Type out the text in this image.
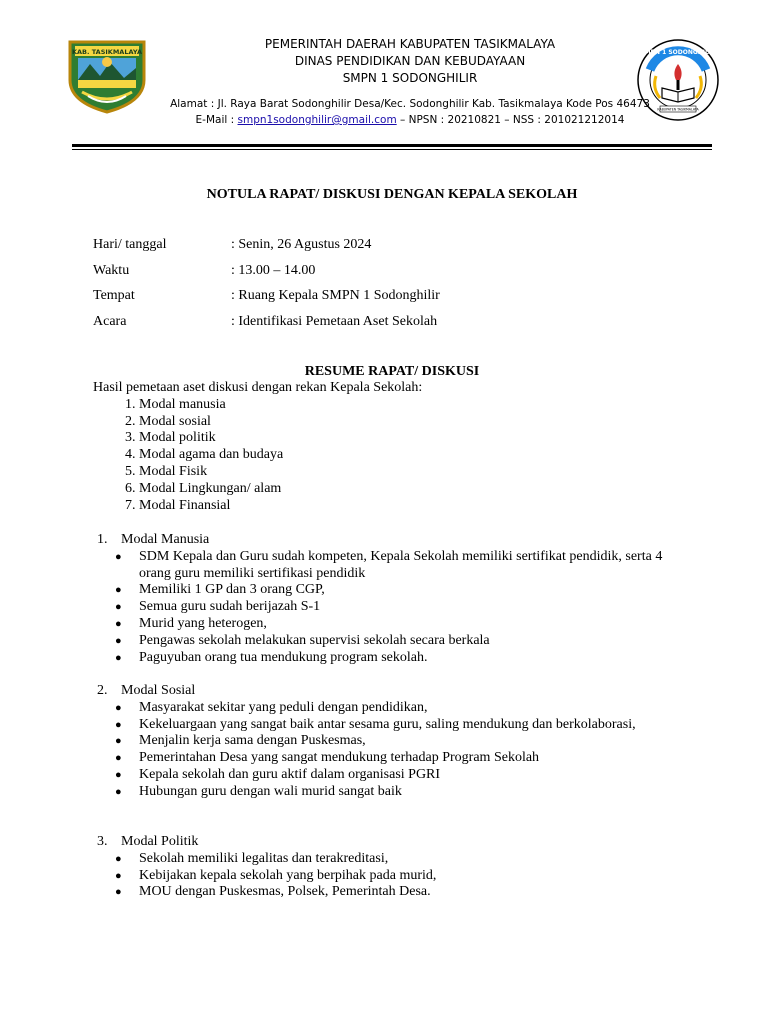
KAB. TASIKMALAYA	SMPN 1 SODONGHILIR
KABUPATEN TASIKMALAYA
PEMERINTAH DAERAH KABUPATEN TASIKMALAYA
DINAS PENDIDIKAN DAN KEBUDAYAAN
SMPN 1 SODONGHILIR
Alamat : Jl. Raya Barat Sodonghilir Desa/Kec. Sodonghilir Kab. Tasikmalaya Kode Pos 46473
E-Mail : smpn1sodonghilir@gmail.com – NPSN : 20210821 – NSS : 201021212014
NOTULA RAPAT/ DISKUSI DENGAN KEPALA SEKOLAH
Hari/ tanggal	: Senin, 26 Agustus 2024
Waktu	: 13.00 – 14.00
Tempat	: Ruang Kepala SMPN 1 Sodonghilir
Acara	: Identifikasi Pemetaan Aset Sekolah
RESUME RAPAT/ DISKUSI
Hasil pemetaan aset diskusi dengan rekan Kepala Sekolah:
1. Modal manusia
2. Modal sosial
3. Modal politik
4. Modal agama dan budaya
5. Modal Fisik
6. Modal Lingkungan/ alam
7. Modal Finansial
1. Modal Manusia
●	SDM Kepala dan Guru sudah kompeten, Kepala Sekolah memiliki sertifikat pendidik, serta 4 orang guru memiliki sertifikasi pendidik
●	Memiliki 1 GP dan 3 orang CGP,
●	Semua guru sudah berijazah S-1
●	Murid yang heterogen,
●	Pengawas sekolah melakukan supervisi sekolah secara berkala
●	Paguyuban orang tua mendukung program sekolah.
2. Modal Sosial
●	Masyarakat sekitar yang peduli dengan pendidikan,
●	Kekeluargaan yang sangat baik antar sesama guru, saling mendukung dan berkolaborasi,
●	Menjalin kerja sama dengan Puskesmas,
●	Pemerintahan Desa yang sangat mendukung terhadap Program Sekolah
●	Kepala sekolah dan guru aktif dalam organisasi PGRI
●	Hubungan guru dengan wali murid sangat baik
3. Modal Politik
●	Sekolah memiliki legalitas dan terakreditasi,
●	Kebijakan kepala sekolah yang berpihak pada murid,
●	MOU dengan Puskesmas, Polsek, Pemerintah Desa.
